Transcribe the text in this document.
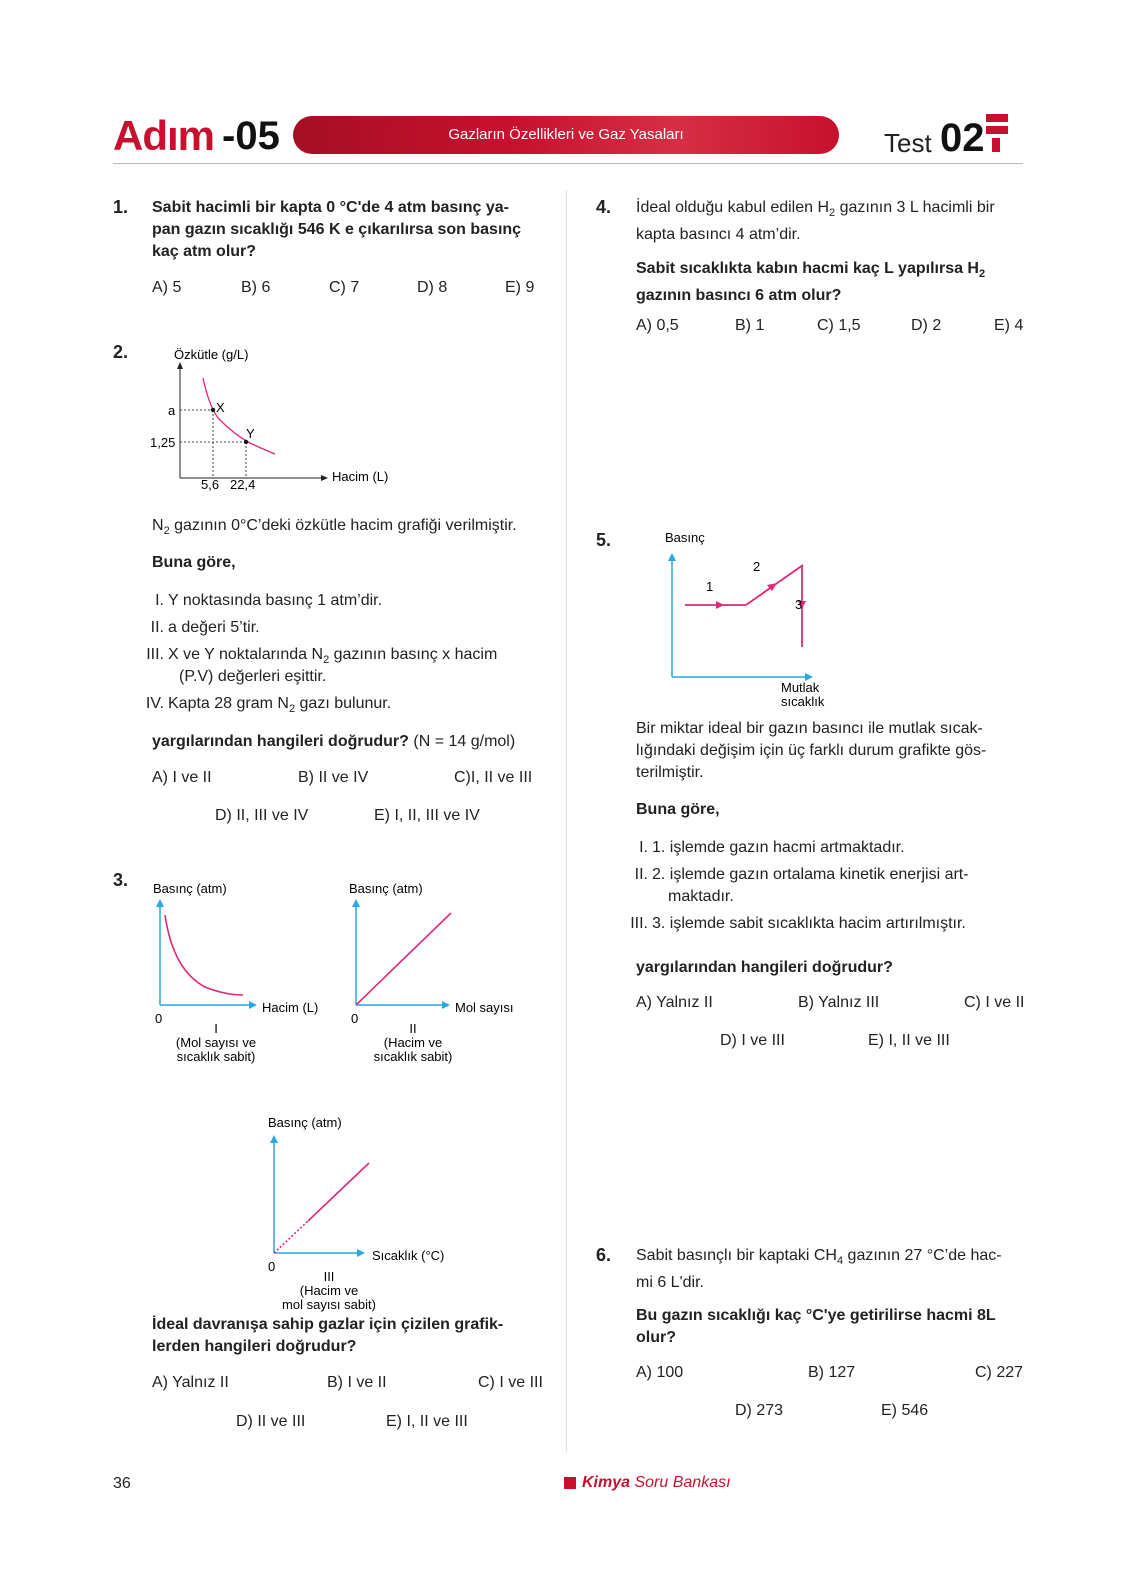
Adım -05	Gazların Özellikleri ve Gaz Yasaları	Test 02
1. Sabit hacimli bir kapta 0 °C'de 4 atm basınç ya-
pan gazın sıcaklığı 546 K e çıkarılırsa son basınç
kaç atm olur?
A) 5	B) 6	C) 7	D) 8	E) 9
2.	Özkütle (g/L)
Hacim (L)
X
Y
a
1,25
5,6 22,4
$N_2$ gazının 0°C’deki özkütle hacim grafiği verilmiştir.
Buna göre,
I. Y noktasında basınç 1 atm’dir.
II. a değeri 5’tir.
III. X ve Y noktalarında $N_2$ gazının basınç x hacim
(P.V) değerleri eşittir.
IV. Kapta 28 gram $N_2$ gazı bulunur.
yargılarından hangileri doğrudur? (N = 14 g/mol)
A) I ve II	B) II ve IV	C)I, II ve III
D) II, III ve IV	E) I, II, III ve IV
3. Basınç (atm)
Hacim (L)
0
I
(Mol sayısı ve
sıcaklık sabit)
Basınç (atm)
Mol sayısı
0
II
(Hacim ve
sıcaklık sabit)
Basınç (atm)
Sıcaklık (°C)
0
III
(Hacim ve
mol sayısı sabit)
İdeal davranışa sahip gazlar için çizilen grafik-
lerden hangileri doğrudur?
A) Yalnız II	B) I ve II	C) I ve III
D) II ve III	E) I, II ve III
4. İdeal olduğu kabul edilen $H_2$ gazının 3 L hacimli bir
kapta basıncı 4 atm’dir.
Sabit sıcaklıkta kabın hacmi kaç L yapılırsa $H_2$
gazının basıncı 6 atm olur?
A) 0,5	B) 1	C) 1,5	D) 2	E) 4
5.	Basınç
1
2
3
Mutlak
sıcaklık
Bir miktar ideal bir gazın basıncı ile mutlak sıcak-
lığındaki değişim için üç farklı durum grafikte gös-
terilmiştir.
Buna göre,
I. 1. işlemde gazın hacmi artmaktadır.
II. 2. işlemde gazın ortalama kinetik enerjisi art-
maktadır.
III. 3. işlemde sabit sıcaklıkta hacim artırılmıştır.
yargılarından hangileri doğrudur?
A) Yalnız II	B) Yalnız III	C) I ve II
D) I ve III	E) I, II ve III
6. Sabit basınçlı bir kaptaki $CH_4$ gazının 27 °C’de hac-
mi 6 L'dir.
Bu gazın sıcaklığı kaç °C'ye getirilirse hacmi 8L
olur?
A) 100	B) 127	C) 227
D) 273	E) 546
36	Kimya Soru Bankası
